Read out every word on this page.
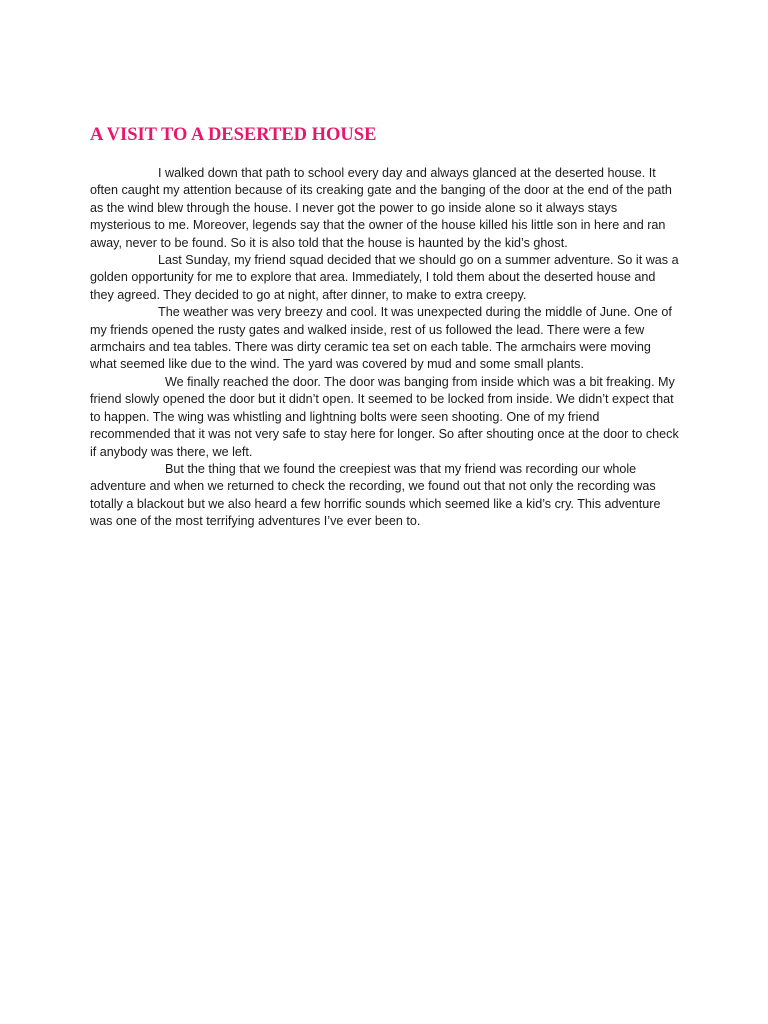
A VISIT TO A DESERTED HOUSE

I walked down that path to school every day and always glanced at the deserted house. It often caught my attention because of its creaking gate and the banging of the door at the end of the path as the wind blew through the house. I never got the power to go inside alone so it always stays mysterious to me. Moreover, legends say that the owner of the house killed his little son in here and ran away, never to be found. So it is also told that the house is haunted by the kid’s ghost.

Last Sunday, my friend squad decided that we should go on a summer adventure. So it was a golden opportunity for me to explore that area. Immediately, I told them about the deserted house and they agreed. They decided to go at night, after dinner, to make to extra creepy.

The weather was very breezy and cool. It was unexpected during the middle of June. One of my friends opened the rusty gates and walked inside, rest of us followed the lead. There were a few armchairs and tea tables. There was dirty ceramic tea set on each table. The armchairs were moving what seemed like due to the wind. The yard was covered by mud and some small plants.

We finally reached the door. The door was banging from inside which was a bit freaking. My friend slowly opened the door but it didn’t open. It seemed to be locked from inside. We didn’t expect that to happen. The wing was whistling and lightning bolts were seen shooting. One of my friend recommended that it was not very safe to stay here for longer. So after shouting once at the door to check if anybody was there, we left.

But the thing that we found the creepiest was that my friend was recording our whole adventure and when we returned to check the recording, we found out that not only the recording was totally a blackout but we also heard a few horrific sounds which seemed like a kid’s cry. This adventure was one of the most terrifying adventures I’ve ever been to.
